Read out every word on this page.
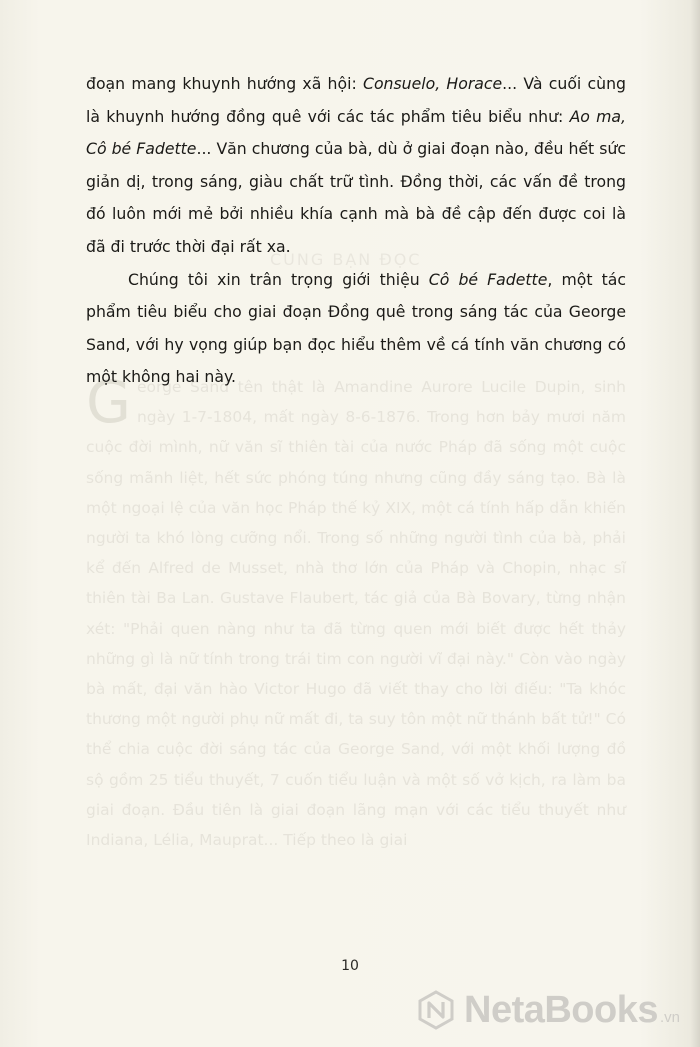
CÙNG BẠN ĐỌC
George Sand tên thật là Amandine Aurore Lucile Dupin, sinh ngày 1-7-1804, mất ngày 8-6-1876. Trong hơn bảy mươi năm cuộc đời mình, nữ văn sĩ thiên tài của nước Pháp đã sống một cuộc sống mãnh liệt, hết sức phóng túng nhưng cũng đầy sáng tạo. Bà là một ngoại lệ của văn học Pháp thế kỷ XIX, một cá tính hấp dẫn khiến người ta khó lòng cưỡng nổi. Trong số những người tình của bà, phải kể đến Alfred de Musset, nhà thơ lớn của Pháp và Chopin, nhạc sĩ thiên tài Ba Lan. Gustave Flaubert, tác giả của Bà Bovary, từng nhận xét: "Phải quen nàng như ta đã từng quen mới biết được hết thảy những gì là nữ tính trong trái tim con người vĩ đại này." Còn vào ngày bà mất, đại văn hào Victor Hugo đã viết thay cho lời điếu: "Ta khóc thương một người phụ nữ mất đi, ta suy tôn một nữ thánh bất tử!" Có thể chia cuộc đời sáng tác của George Sand, với một khối lượng đồ sộ gồm 25 tiểu thuyết, 7 cuốn tiểu luận và một số vở kịch, ra làm ba giai đoạn. Đầu tiên là giai đoạn lãng mạn với các tiểu thuyết như Indiana, Lélia, Mauprat... Tiếp theo là giai

đoạn mang khuynh hướng xã hội: Consuelo, Horace... Và cuối cùng là khuynh hướng đồng quê với các tác phẩm tiêu biểu như: Ao ma, Cô bé Fadette... Văn chương của bà, dù ở giai đoạn nào, đều hết sức giản dị, trong sáng, giàu chất trữ tình. Đồng thời, các vấn đề trong đó luôn mới mẻ bởi nhiều khía cạnh mà bà đề cập đến được coi là đã đi trước thời đại rất xa.

Chúng tôi xin trân trọng giới thiệu Cô bé Fadette, một tác phẩm tiêu biểu cho giai đoạn Đồng quê trong sáng tác của George Sand, với hy vọng giúp bạn đọc hiểu thêm về cá tính văn chương có một không hai này.

10
NetaBooks .vn
